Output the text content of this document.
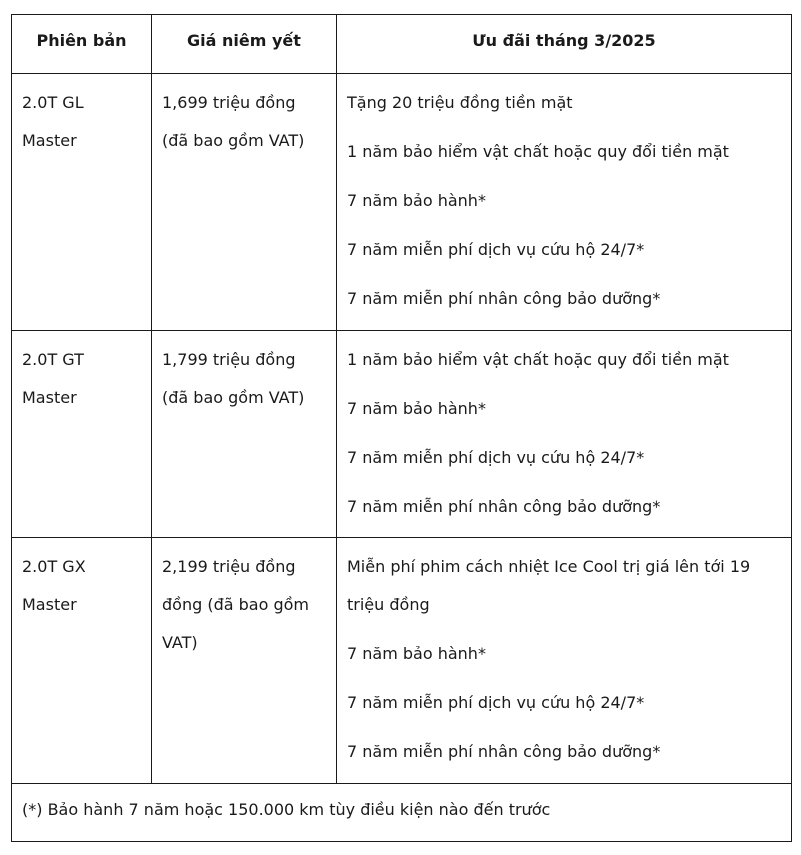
Phiên bản	Giá niêm yết	Ưu đãi tháng 3/2025

2.0T GL Master	1,699 triệu đồng (đã bao gồm VAT)	Tặng 20 triệu đồng tiền mặt
1 năm bảo hiểm vật chất hoặc quy đổi tiền mặt
7 năm bảo hành*
7 năm miễn phí dịch vụ cứu hộ 24/7*
7 năm miễn phí nhân công bảo dưỡng*

2.0T GT Master	1,799 triệu đồng (đã bao gồm VAT)	1 năm bảo hiểm vật chất hoặc quy đổi tiền mặt
7 năm bảo hành*
7 năm miễn phí dịch vụ cứu hộ 24/7*
7 năm miễn phí nhân công bảo dưỡng*

2.0T GX Master	2,199 triệu đồng đồng (đã bao gồm VAT)	Miễn phí phim cách nhiệt Ice Cool trị giá lên tới 19 triệu đồng
7 năm bảo hành*
7 năm miễn phí dịch vụ cứu hộ 24/7*
7 năm miễn phí nhân công bảo dưỡng*

(*) Bảo hành 7 năm hoặc 150.000 km tùy điều kiện nào đến trước		
